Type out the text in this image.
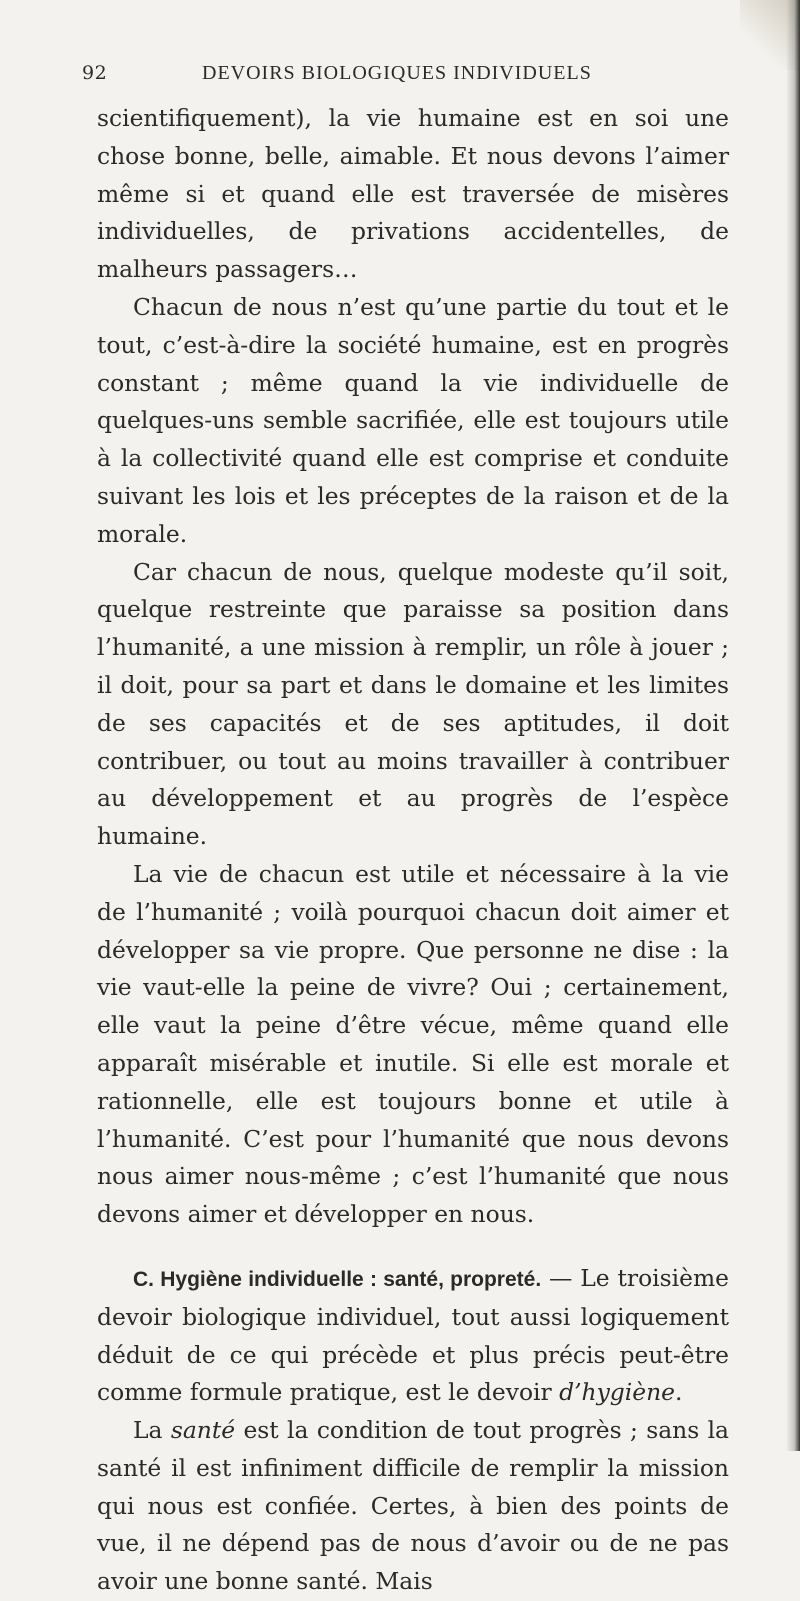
92	DEVOIRS BIOLOGIQUES INDIVIDUELS

scientifiquement), la vie humaine est en soi une chose bonne, belle, aimable. Et nous devons l’aimer même si et quand elle est traversée de misères individuelles, de privations accidentelles, de malheurs passagers…

Chacun de nous n’est qu’une partie du tout et le tout, c’est-à-dire la société humaine, est en progrès constant ; même quand la vie individuelle de quelques-uns semble sacrifiée, elle est toujours utile à la collectivité quand elle est comprise et conduite suivant les lois et les préceptes de la raison et de la morale.

Car chacun de nous, quelque modeste qu’il soit, quelque restreinte que paraisse sa position dans l’humanité, a une mission à remplir, un rôle à jouer ; il doit, pour sa part et dans le domaine et les limites de ses capacités et de ses aptitudes, il doit contribuer, ou tout au moins travailler à contribuer au développement et au progrès de l’espèce humaine.

La vie de chacun est utile et nécessaire à la vie de l’humanité ; voilà pourquoi chacun doit aimer et développer sa vie propre. Que personne ne dise : la vie vaut-elle la peine de vivre? Oui ; certainement, elle vaut la peine d’être vécue, même quand elle apparaît misérable et inutile. Si elle est morale et rationnelle, elle est toujours bonne et utile à l’humanité. C’est pour l’humanité que nous devons nous aimer nous-même ; c’est l’humanité que nous devons aimer et développer en nous.

C. Hygiène individuelle : santé, propreté. — Le troisième devoir biologique individuel, tout aussi logiquement déduit de ce qui précède et plus précis peut-être comme formule pratique, est le devoir d’hygiène.

La santé est la condition de tout progrès ; sans la santé il est infiniment difficile de remplir la mission qui nous est confiée. Certes, à bien des points de vue, il ne dépend pas de nous d’avoir ou de ne pas avoir une bonne santé. Mais
